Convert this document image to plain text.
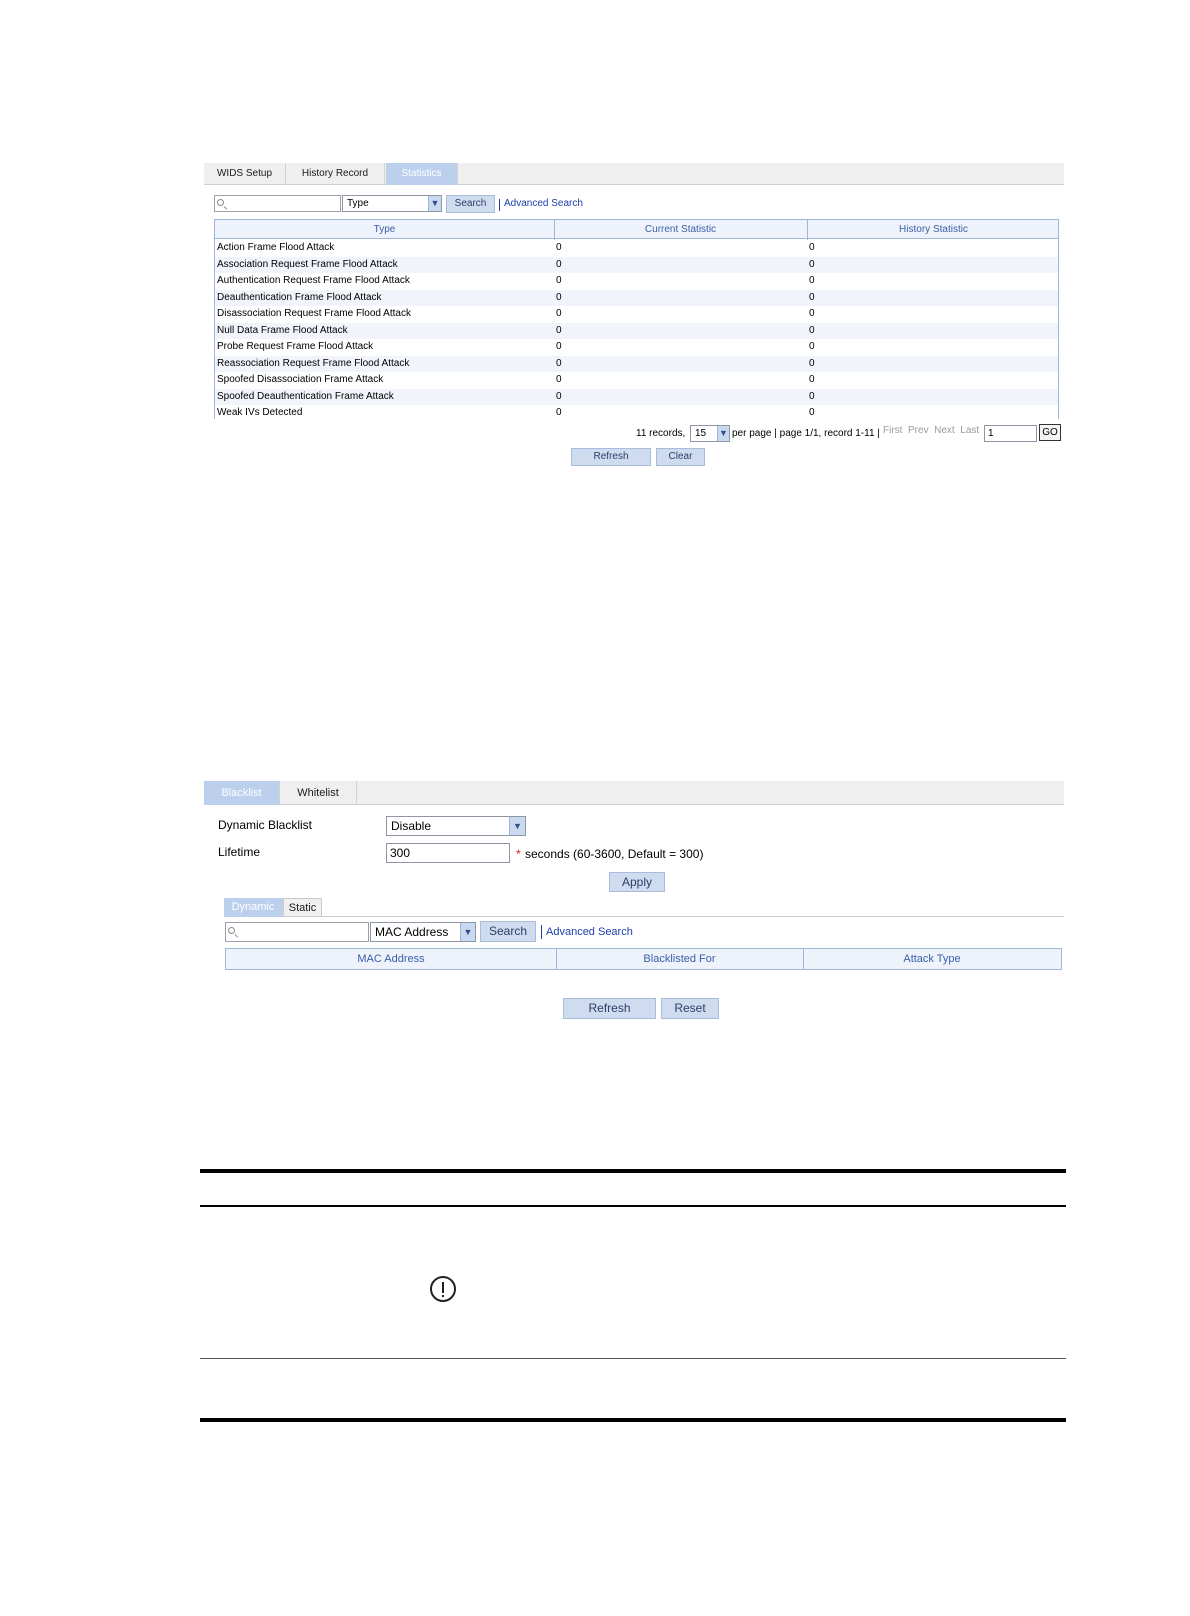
WIDS Setup	History Record	Statistics
Type	▼	Search	Advanced Search
Type	Current Statistic	History Statistic
Action Frame Flood Attack	0	0
Association Request Frame Flood Attack	0	0
Authentication Request Frame Flood Attack	0	0
Deauthentication Frame Flood Attack	0	0
Disassociation Request Frame Flood Attack	0	0
Null Data Frame Flood Attack	0	0
Probe Request Frame Flood Attack	0	0
Reassociation Request Frame Flood Attack	0	0
Spoofed Disassociation Frame Attack	0	0
Spoofed Deauthentication Frame Attack	0	0
Weak IVs Detected	0	0
11 records, 15 ▼ per page | page 1/1, record 1-11 | First Prev Next Last 1	GO
Refresh	Clear
Blacklist	Whitelist
Dynamic Blacklist	Disable	▼
Lifetime	300	* seconds (60-3600, Default = 300)
Apply
Dynamic	Static
MAC Address	▼	Search	Advanced Search
MAC Address	Blacklisted For	Attack Type
Refresh	Reset
